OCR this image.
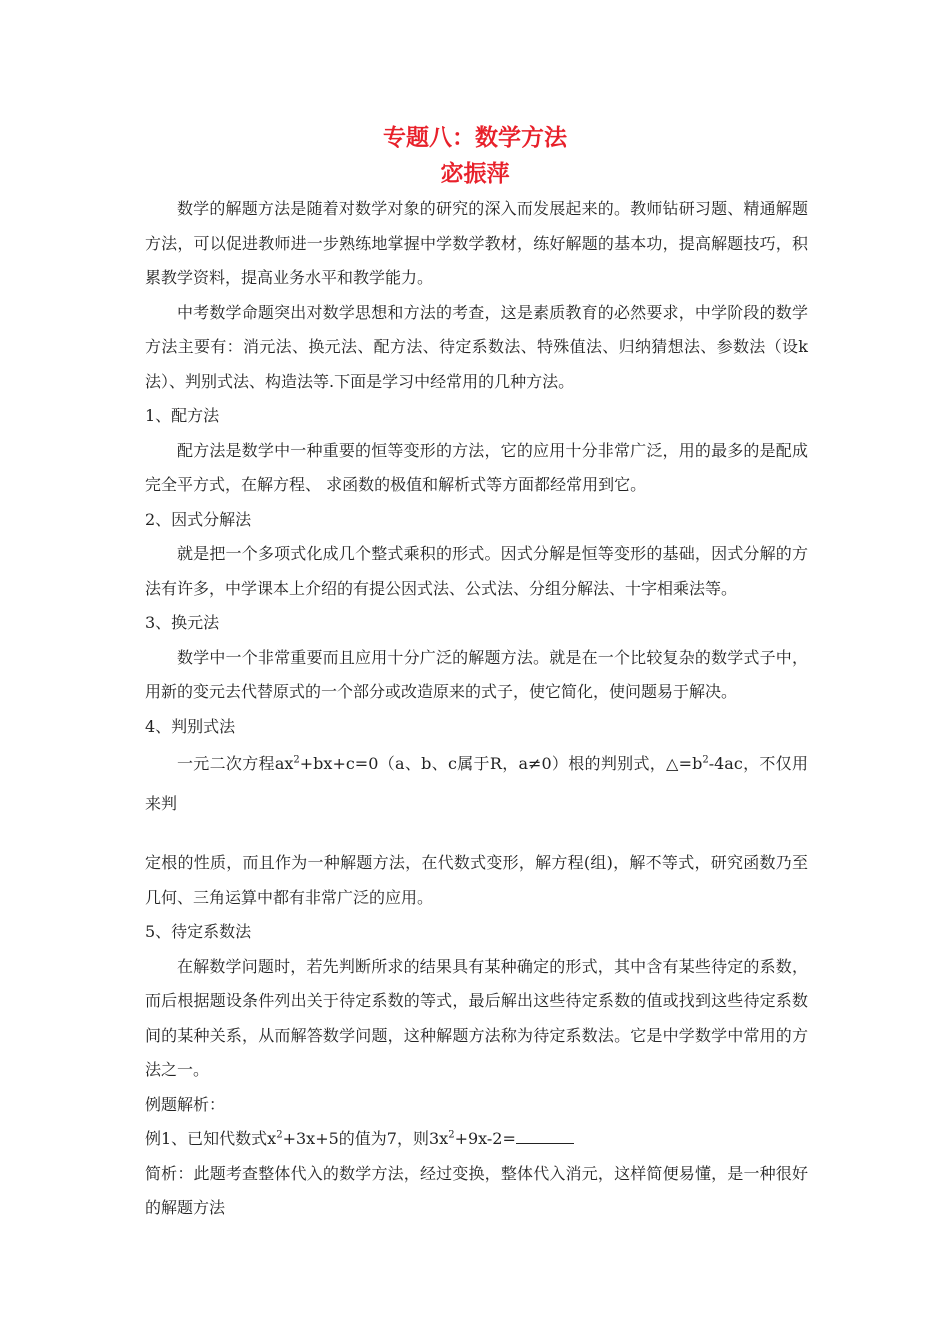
专题八：数学方法
宓振萍

数学的解题方法是随着对数学对象的研究的深入而发展起来的。教师钻研习题、精通解题方法，可以促进教师进一步熟练地掌握中学数学教材，练好解题的基本功，提高解题技巧，积累教学资料，提高业务水平和教学能力。

中考数学命题突出对数学思想和方法的考查，这是素质教育的必然要求，中学阶段的数学方法主要有：消元法、换元法、配方法、待定系数法、特殊值法、归纳猜想法、参数法（设k法）、判别式法、构造法等.下面是学习中经常用的几种方法。

1、配方法

配方法是数学中一种重要的恒等变形的方法，它的应用十分非常广泛，用的最多的是配成完全平方式，在解方程、 求函数的极值和解析式等方面都经常用到它。

2、因式分解法

就是把一个多项式化成几个整式乘积的形式。因式分解是恒等变形的基础，因式分解的方法有许多，中学课本上介绍的有提公因式法、公式法、分组分解法、十字相乘法等。

3、换元法

数学中一个非常重要而且应用十分广泛的解题方法。就是在一个比较复杂的数学式子中，用新的变元去代替原式的一个部分或改造原来的式子，使它简化，使问题易于解决。

4、判别式法

一元二次方程$ax^2+bx+c=0(a$、b、c属于R，a≠0）根的判别式，$\triangle=b^2-4ac$，不仅用来判

定根的性质，而且作为一种解题方法，在代数式变形，解方程(组)，解不等式，研究函数乃至几何、三角运算中都有非常广泛的应用。

5、待定系数法

在解数学问题时，若先判断所求的结果具有某种确定的形式，其中含有某些待定的系数，而后根据题设条件列出关于待定系数的等式，最后解出这些待定系数的值或找到这些待定系数间的某种关系，从而解答数学问题，这种解题方法称为待定系数法。它是中学数学中常用的方法之一。

例题解析：

例1、已知代数式$x^2+3x+5$的值为7，则$3x^2+9x-2=$

简析：此题考查整体代入的数学方法，经过变换，整体代入消元，这样简便易懂，是一种很好的解题方法
